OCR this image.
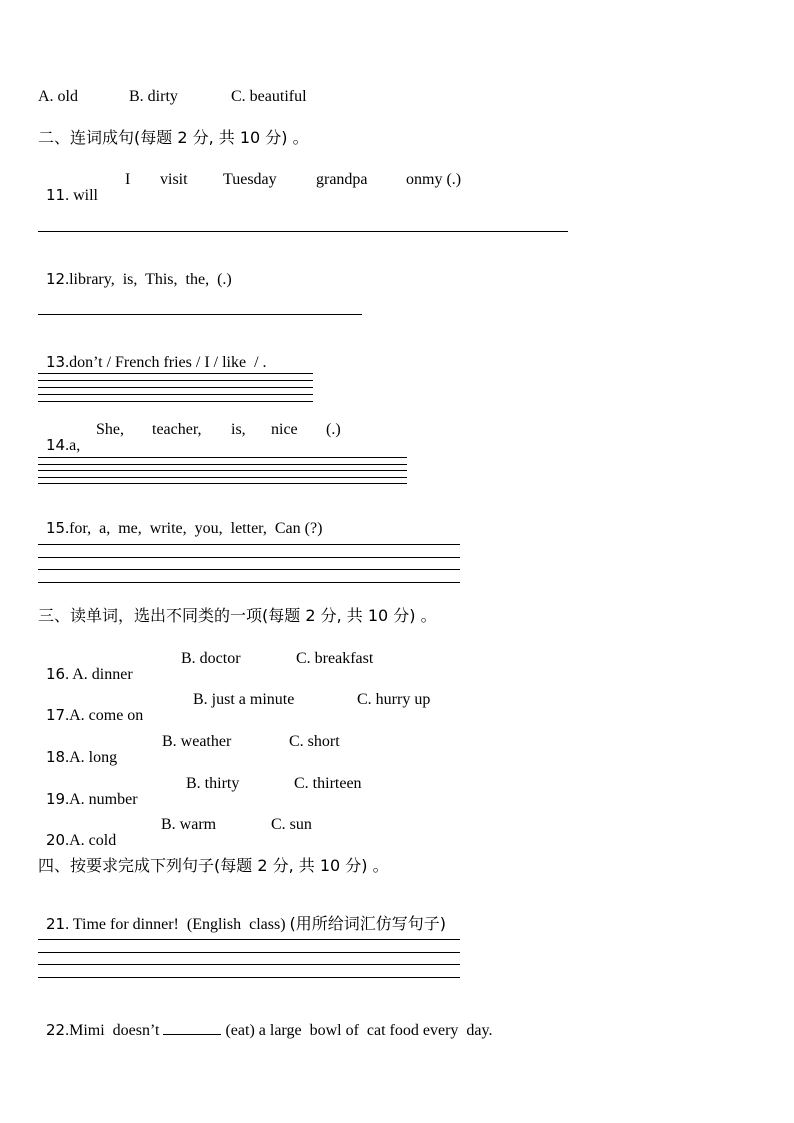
A. old	B. dirty	C. beautiful
二、连词成句(每题 2 分, 共 10 分) 。

11. will

I visit Tuesday grandpa onmy (.)

12.library,  is,  This,  the,  (.)

13.don’t / French fries / I / like  / .

14.a,

She, teacher, is, nice (.)

15.for,  a,  me,  write,  you,  letter,  Can (?)

三、读单词，选出不同类的一项(每题 2 分, 共 10 分) 。

16. A. dinner

B. doctor	C. breakfast

17.A. come on

B. just a minute	C. hurry up

18.A. long

B. weather	C. short

19.A. number

B. thirty	C. thirteen

20.A. cold

B. warm	C. sun
四、按要求完成下列句子(每题 2 分, 共 10 分) 。

21. Time for dinner!  (English  class) (用所给词汇仿写句子)

22.Mimi  doesn’t	(eat) a large  bowl of  cat food every  day.
